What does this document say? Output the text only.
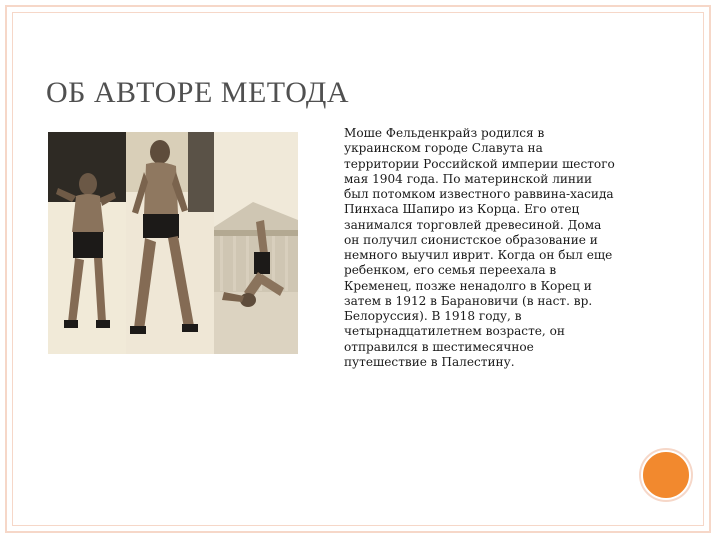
ОБ АВТОРЕ МЕТОДА
Моше Фельденкрайз родился в
украинском городе Славута на
территории Российской империи шестого
мая 1904 года. По материнской линии
был потомком известного раввина-хасида
Пинхаса Шапиро из Корца. Его отец
занимался торговлей древесиной. Дома
он получил сионистское образование и
немного выучил иврит. Когда он был еще
ребенком, его семья переехала в
Кременец, позже ненадолго в Корец и
затем в 1912 в Барановичи (в наст. вр.
Белоруссия). В 1918 году, в
четырнадцатилетнем возрасте, он
отправился в шестимесячное
путешествие в Палестину.
